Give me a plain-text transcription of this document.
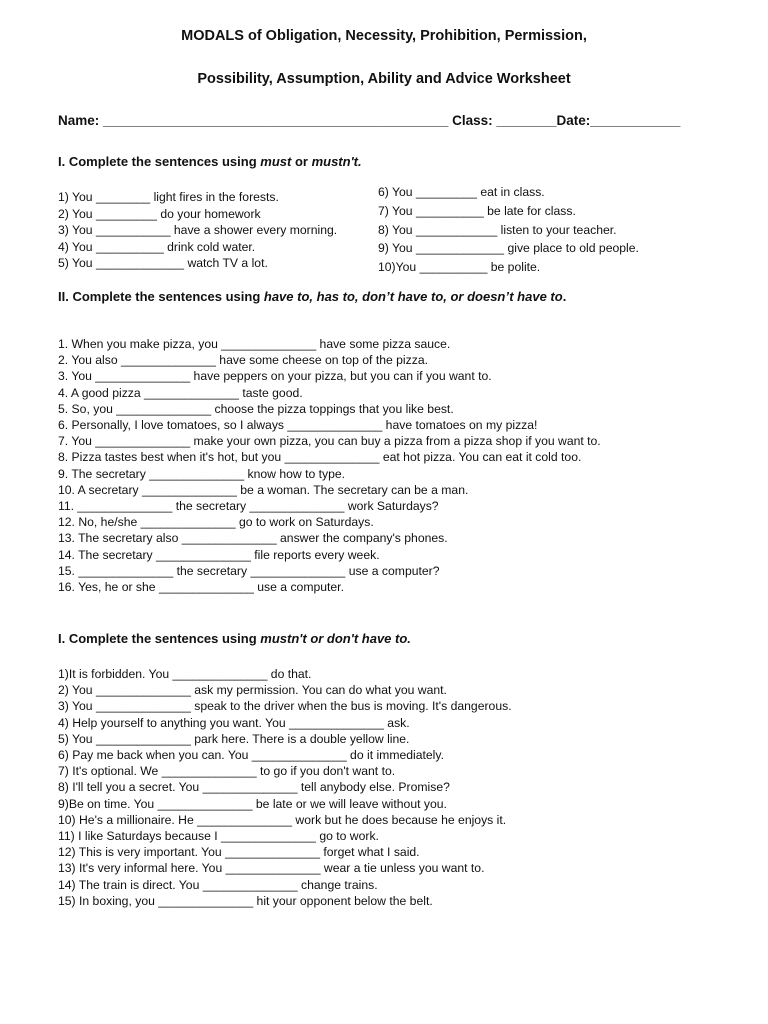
MODALS of Obligation, Necessity, Prohibition, Permission,
Possibility, Assumption, Ability and Advice Worksheet
Name: ______________________________________________ Class: ________Date:____________
I. Complete the sentences using must or mustn't.
1) You ________ light fires in the forests.
2) You _________ do your homework
3) You ___________ have a shower every morning.
4) You __________ drink cold water.
5) You _____________ watch TV a lot.
6) You _________ eat in class.
7) You __________ be late for class.
8) You ____________ listen to your teacher.
9) You _____________ give place to old people.
10)You __________ be polite.
II. Complete the sentences using have to, has to, don’t have to, or doesn’t have to.
1. When you make pizza, you ______________ have some pizza sauce.
2. You also ______________ have some cheese on top of the pizza.
3. You ______________ have peppers on your pizza, but you can if you want to.
4. A good pizza ______________ taste good.
5. So, you ______________ choose the pizza toppings that you like best.
6. Personally, I love tomatoes, so I always ______________ have tomatoes on my pizza!
7. You ______________ make your own pizza, you can buy a pizza from a pizza shop if you want to.
8. Pizza tastes best when it's hot, but you ______________ eat hot pizza. You can eat it cold too.
9. The secretary ______________ know how to type.
10. A secretary ______________ be a woman. The secretary can be a man.
11. ______________ the secretary ______________ work Saturdays?
12. No, he/she ______________ go to work on Saturdays.
13. The secretary also ______________ answer the company's phones.
14. The secretary ______________ file reports every week.
15. ______________ the secretary ______________ use a computer?
16. Yes, he or she ______________ use a computer.
I. Complete the sentences using mustn't or don't have to.
1)It is forbidden. You ______________ do that.
2) You ______________ ask my permission. You can do what you want.
3) You ______________ speak to the driver when the bus is moving. It's dangerous.
4) Help yourself to anything you want. You ______________ ask.
5) You ______________ park here. There is a double yellow line.
6) Pay me back when you can. You ______________ do it immediately.
7) It's optional. We ______________ to go if you don't want to.
8) I'll tell you a secret. You ______________ tell anybody else. Promise?
9)Be on time. You ______________ be late or we will leave without you.
10) He's a millionaire. He ______________ work but he does because he enjoys it.
11) I like Saturdays because I ______________ go to work.
12) This is very important. You ______________ forget what I said.
13) It's very informal here. You ______________ wear a tie unless you want to.
14) The train is direct. You ______________ change trains.
15) In boxing, you ______________ hit your opponent below the belt.
